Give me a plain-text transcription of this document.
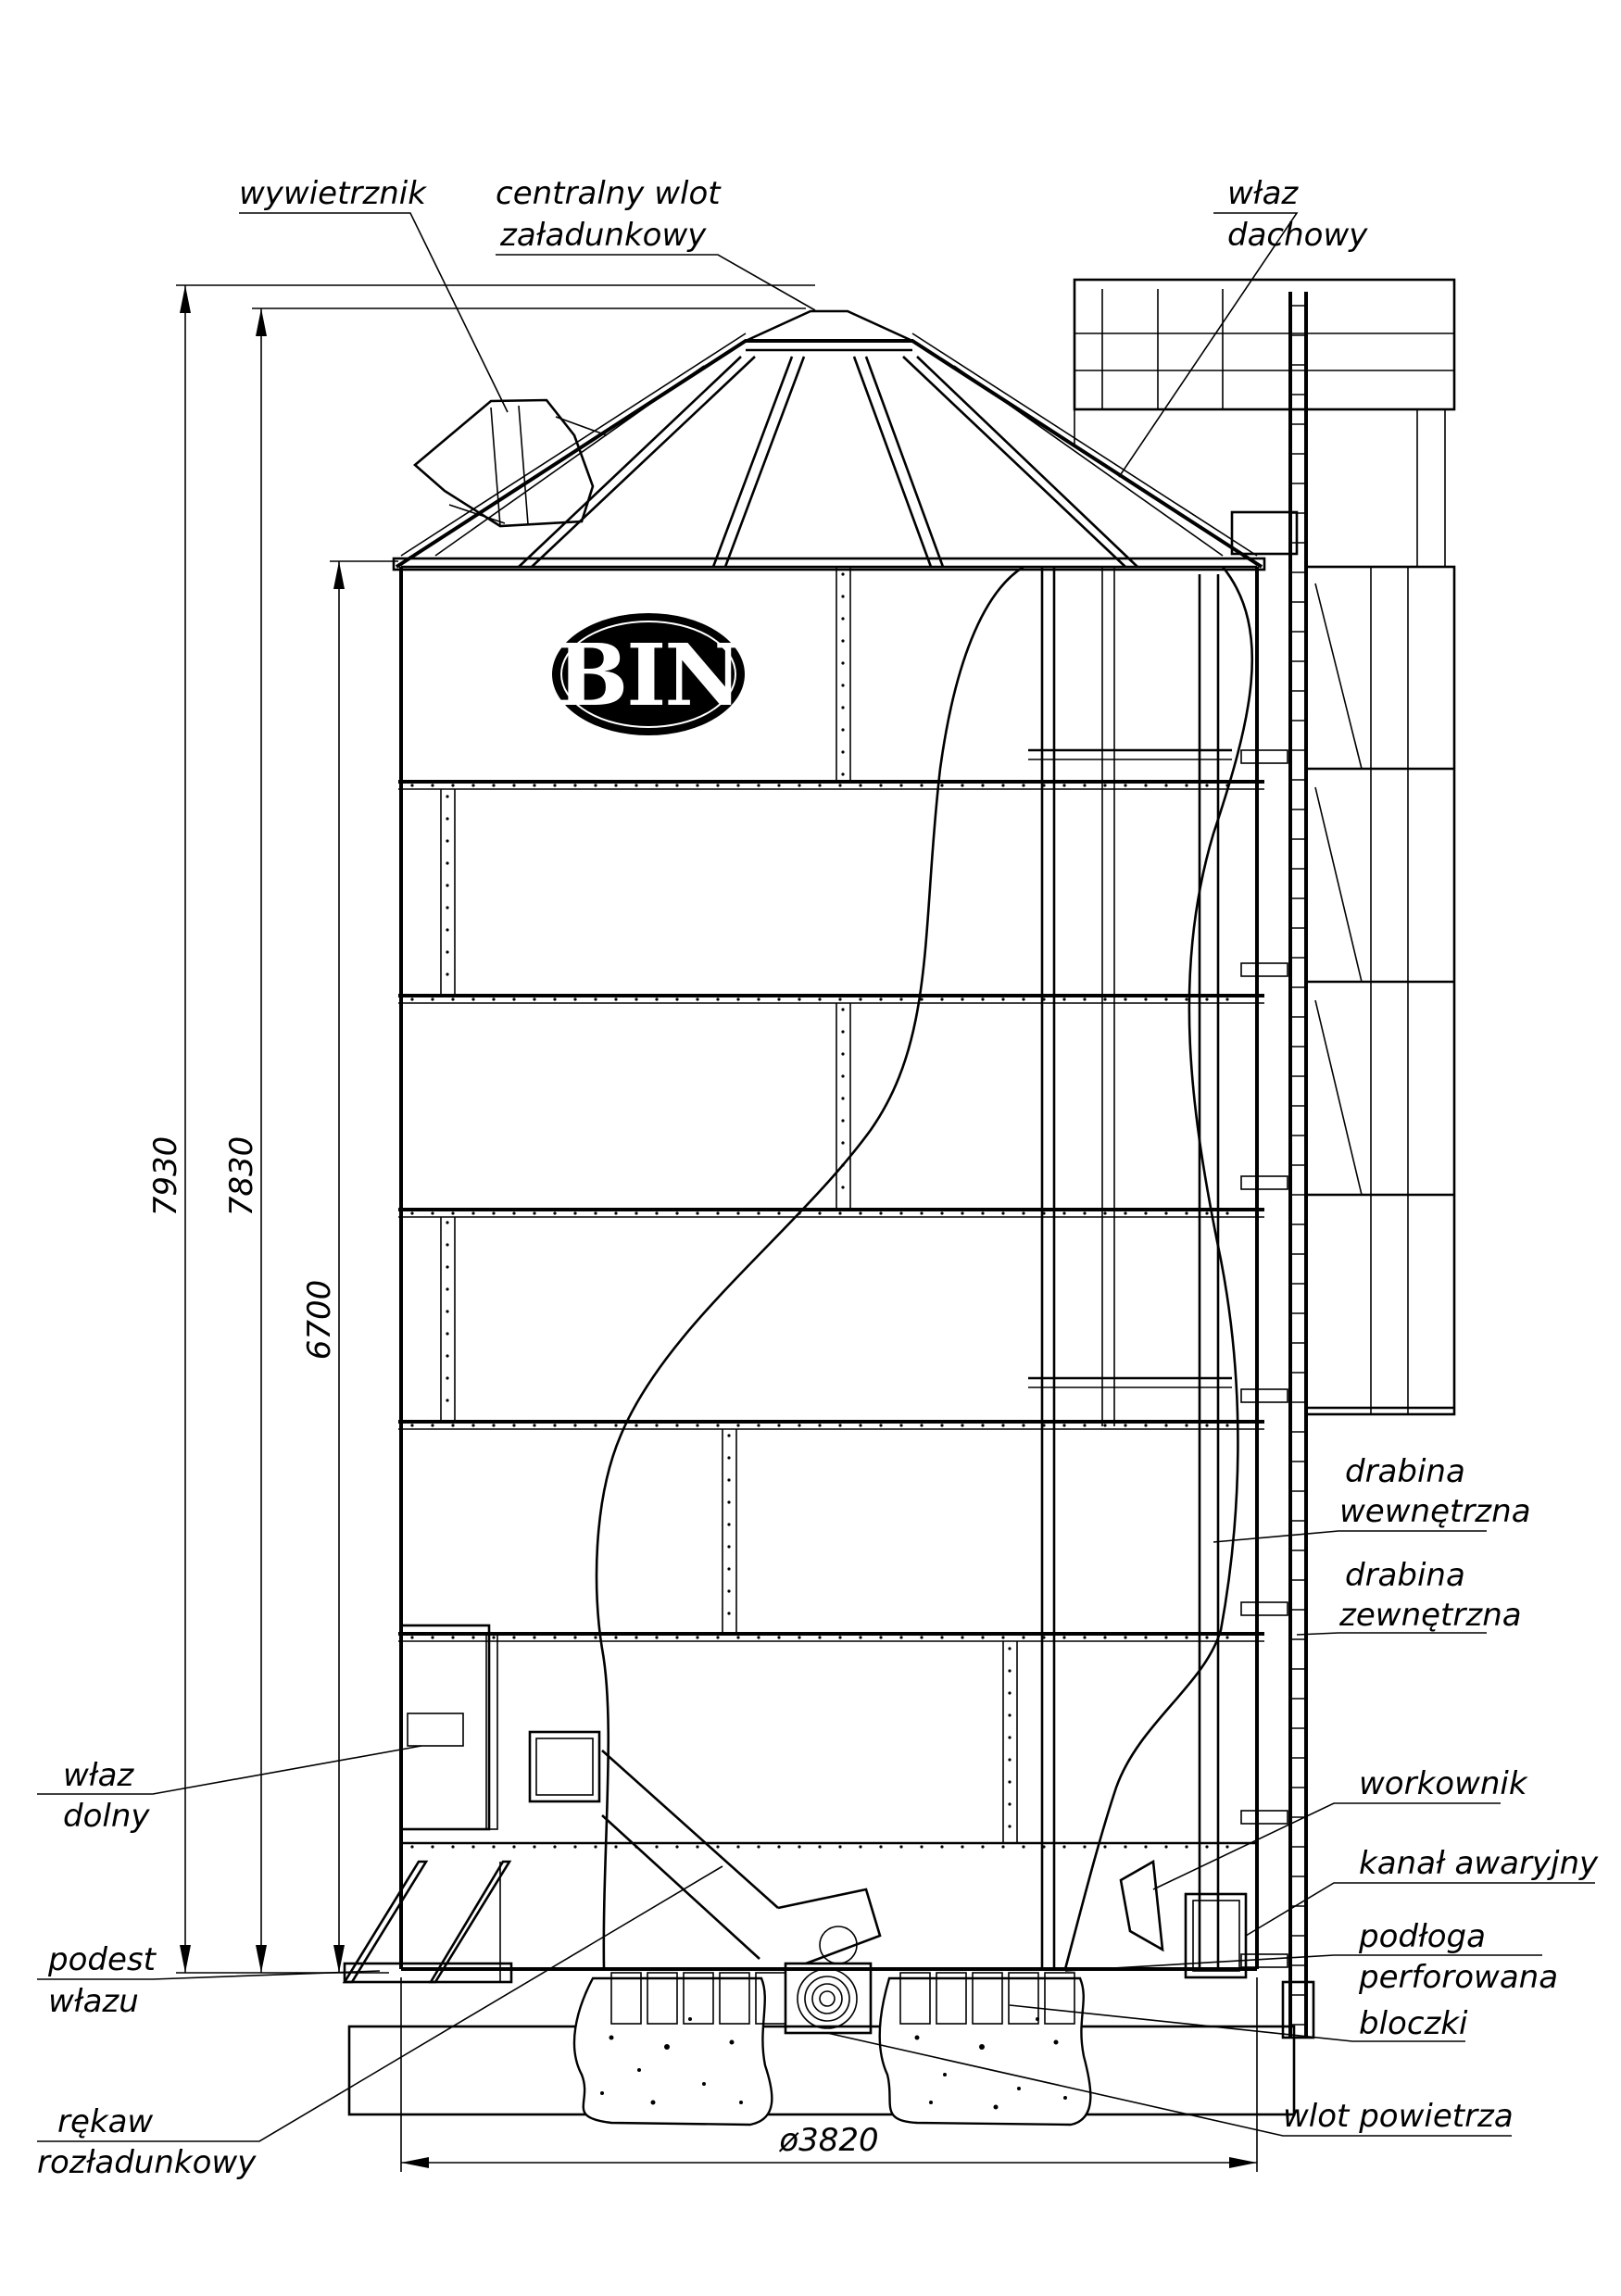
BIN
7930 7830
6700
ø3820
wywietrznik centralny wlot
załadunkowy
właz
dachowy
drabina
wewnętrzna
drabina
zewnętrzna
workownik
kanał awaryjny
podłoga
perforowana
bloczki
wlot powietrza
właz
dolny
podest
włazu
rękaw
rozładunkowy
